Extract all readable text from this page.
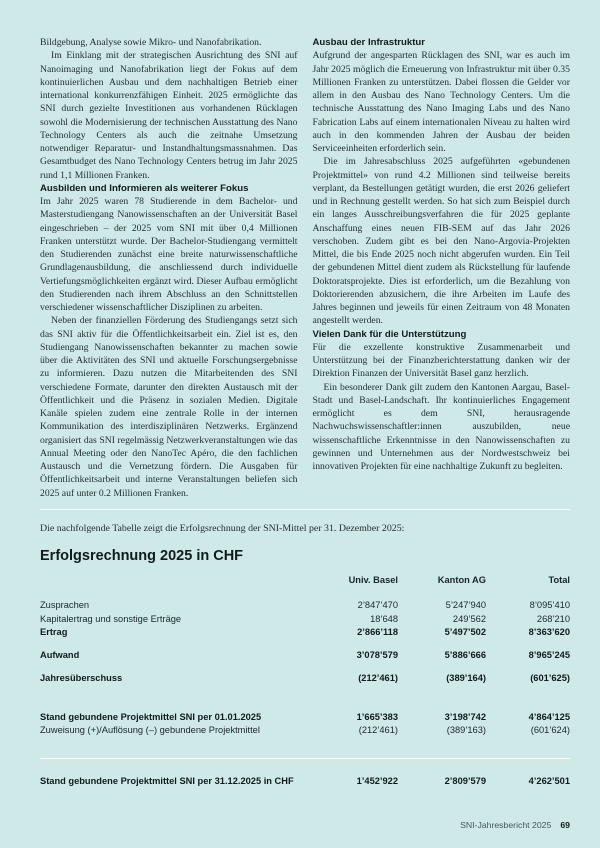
Bildgebung, Analyse sowie Mikro- und Nanofabrikation.

Im Einklang mit der strategischen Ausrichtung des SNI auf Nanoimaging und Nanofabrikation liegt der Fokus auf dem kontinuierlichen Ausbau und dem nachhaltigen Betrieb einer international konkurrenzfähigen Einheit. 2025 ermöglichte das SNI durch gezielte Investitionen aus vorhandenen Rücklagen sowohl die Modernisierung der technischen Ausstattung des Nano Technology Centers als auch die zeitnahe Umsetzung notwendiger Reparatur- und Instandhaltungsmassnahmen. Das Gesamtbudget des Nano Technology Centers betrug im Jahr 2025 rund 1,1 Millionen Franken.

Ausbilden und Informieren als weiterer Fokus

Im Jahr 2025 waren 78 Studierende in dem Bachelor- und Masterstudiengang Nanowissenschaften an der Universität Basel eingeschrieben – der 2025 vom SNI mit über 0,4 Millionen Franken unterstützt wurde. Der Bachelor-Studiengang vermittelt den Studierenden zunächst eine breite naturwissenschaftliche Grundlagenausbildung, die anschliessend durch individuelle Vertiefungsmöglichkeiten ergänzt wird. Dieser Aufbau ermöglicht den Studierenden nach ihrem Abschluss an den Schnittstellen verschiedener wissenschaftlicher Disziplinen zu arbeiten.

Neben der finanziellen Förderung des Studiengangs setzt sich das SNI aktiv für die Öffentlichkeitsarbeit ein. Ziel ist es, den Studiengang Nanowissenschaften bekannter zu machen sowie über die Aktivitäten des SNI und aktuelle Forschungsergebnisse zu informieren. Dazu nutzen die Mitarbeitenden des SNI verschiedene Formate, darunter den direkten Austausch mit der Öffentlichkeit und die Präsenz in sozialen Medien. Digitale Kanäle spielen zudem eine zentrale Rolle in der internen Kommunikation des interdisziplinären Netzwerks. Ergänzend organisiert das SNI regelmässig Netzwerkveranstaltungen wie das Annual Meeting oder den NanoTec Apéro, die den fachlichen Austausch und die Vernetzung fördern. Die Ausgaben für Öffentlichkeitsarbeit und interne Veranstaltungen beliefen sich 2025 auf unter 0.2 Millionen Franken.

Ausbau der Infrastruktur

Aufgrund der angesparten Rücklagen des SNI, war es auch im Jahr 2025 möglich die Erneuerung von Infrastruktur mit über 0.35 Millionen Franken zu unterstützen. Dabei flossen die Gelder vor allem in den Ausbau des Nano Technology Centers. Um die technische Ausstattung des Nano Imaging Labs und des Nano Fabrication Labs auf einem internationalen Niveau zu halten wird auch in den kommenden Jahren der Ausbau der beiden Serviceeinheiten erforderlich sein.

Die im Jahresabschluss 2025 aufgeführten «gebundenen Projektmittel» von rund 4.2 Millionen sind teilweise bereits verplant, da Bestellungen getätigt wurden, die erst 2026 geliefert und in Rechnung gestellt werden. So hat sich zum Beispiel durch ein langes Ausschreibungsverfahren die für 2025 geplante Anschaffung eines neuen FIB-SEM auf das Jahr 2026 verschoben. Zudem gibt es bei den Nano-Argovia-Projekten Mittel, die bis Ende 2025 noch nicht abgerufen wurden. Ein Teil der gebundenen Mittel dient zudem als Rückstellung für laufende Doktoratsprojekte. Dies ist erforderlich, um die Bezahlung von Doktorierenden abzusichern, die ihre Arbeiten im Laufe des Jahres beginnen und jeweils für einen Zeitraum von 48 Monaten angestellt werden.

Vielen Dank für die Unterstützung

Für die exzellente konstruktive Zusammenarbeit und Unterstützung bei der Finanzberichterstattung danken wir der Direktion Finanzen der Universität Basel ganz herzlich.

Ein besonderer Dank gilt zudem den Kantonen Aargau, Basel-Stadt und Basel-Landschaft. Ihr kontinuierliches Engagement ermöglicht es dem SNI, herausragende Nachwuchswissenschaftler:innen auszubilden, neue wissenschaftliche Erkenntnisse in den Nanowissenschaften zu gewinnen und Unternehmen aus der Nordwestschweiz bei innovativen Projekten für eine nachhaltige Zukunft zu begleiten.

Die nachfolgende Tabelle zeigt die Erfolgsrechnung der SNI-Mittel per 31. Dezember 2025:

Erfolgsrechnung 2025 in CHF
Univ. Basel	Kanton AG	Total
Zusprachen	2’847’470	5’247’940	8’095’410
Kapitalertrag und sonstige Erträge	18’648	249’562	268’210
Ertrag	2’866’118	5’497’502	8’363’620
Aufwand	3’078’579	5’886’666	8’965’245
Jahresüberschuss	(212’461)	(389’164)	(601’625)
Stand gebundene Projektmittel SNI per 01.01.2025	1’665’383	3’198’742	4’864’125
Zuweisung (+)/Auflösung (–) gebundene Projektmittel	(212’461)	(389’163)	(601’624)
Stand gebundene Projektmittel SNI per 31.12.2025 in CHF	1’452’922	2’809’579	4’262’501
SNI-Jahresbericht 2025 69
